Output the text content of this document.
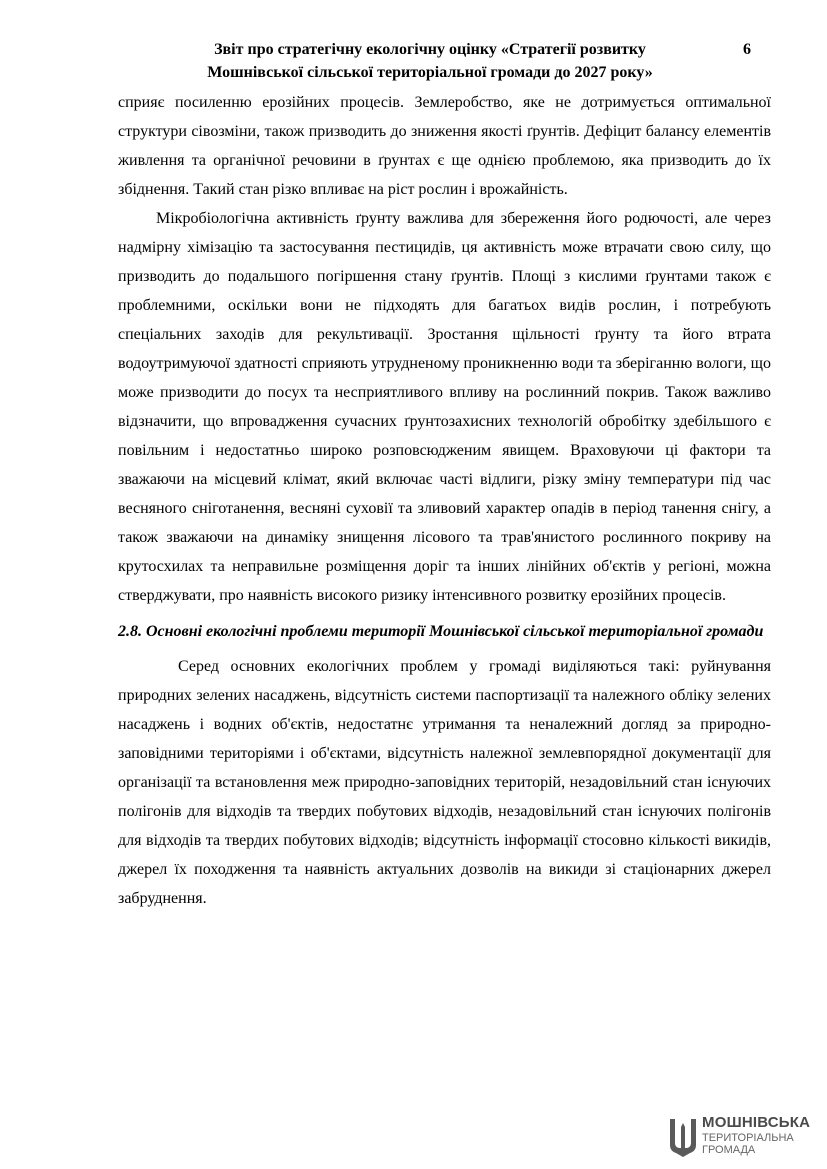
Звіт про стратегічну екологічну оцінку «Стратегії розвитку
Мошнівської сільської територіальної громади до 2027 року»
6

сприяє посиленню ерозійних процесів. Землеробство, яке не дотримується оптимальної структури сівозміни, також призводить до зниження якості ґрунтів. Дефіцит балансу елементів живлення та органічної речовини в ґрунтах є ще однією проблемою, яка призводить до їх збіднення. Такий стан різко впливає на ріст рослин і врожайність.

Мікробіологічна активність ґрунту важлива для збереження його родючості, але через надмірну хімізацію та застосування пестицидів, ця активність може втрачати свою силу, що призводить до подальшого погіршення стану ґрунтів. Площі з кислими ґрунтами також є проблемними, оскільки вони не підходять для багатьох видів рослин, і потребують спеціальних заходів для рекультивації. Зростання щільності ґрунту та його втрата водоутримуючої здатності сприяють утрудненому проникненню води та зберіганню вологи, що може призводити до посух та несприятливого впливу на рослинний покрив. Також важливо відзначити, що впровадження сучасних ґрунтозахисних технологій обробітку здебільшого є повільним і недостатньо широко розповсюдженим явищем. Враховуючи ці фактори та зважаючи на місцевий клімат, який включає часті відлиги, різку зміну температури під час весняного сніготанення, весняні суховії та зливовий характер опадів в період танення снігу, а також зважаючи на динаміку знищення лісового та трав'янистого рослинного покриву на крутосхилах та неправильне розміщення доріг та інших лінійних об'єктів у регіоні, можна стверджувати, про наявність високого ризику інтенсивного розвитку ерозійних процесів.

2.8. Основні екологічні проблеми території Мошнівської сільської територіальної громади

Серед основних екологічних проблем у громаді виділяються такі: руйнування природних зелених насаджень, відсутність системи паспортизації та належного обліку зелених насаджень і водних об'єктів, недостатнє утримання та неналежний догляд за природно-заповідними територіями і об'єктами, відсутність належної землевпорядної документації для організації та встановлення меж природно-заповідних територій, незадовільний стан існуючих полігонів для відходів та твердих побутових відходів, незадовільний стан існуючих полігонів для відходів та твердих побутових відходів; відсутність інформації стосовно кількості викидів, джерел їх походження та наявність актуальних дозволів на викиди зі стаціонарних джерел забруднення.

МОШНІВСЬКА
ТЕРИТОРІАЛЬНА
ГРОМАДА
